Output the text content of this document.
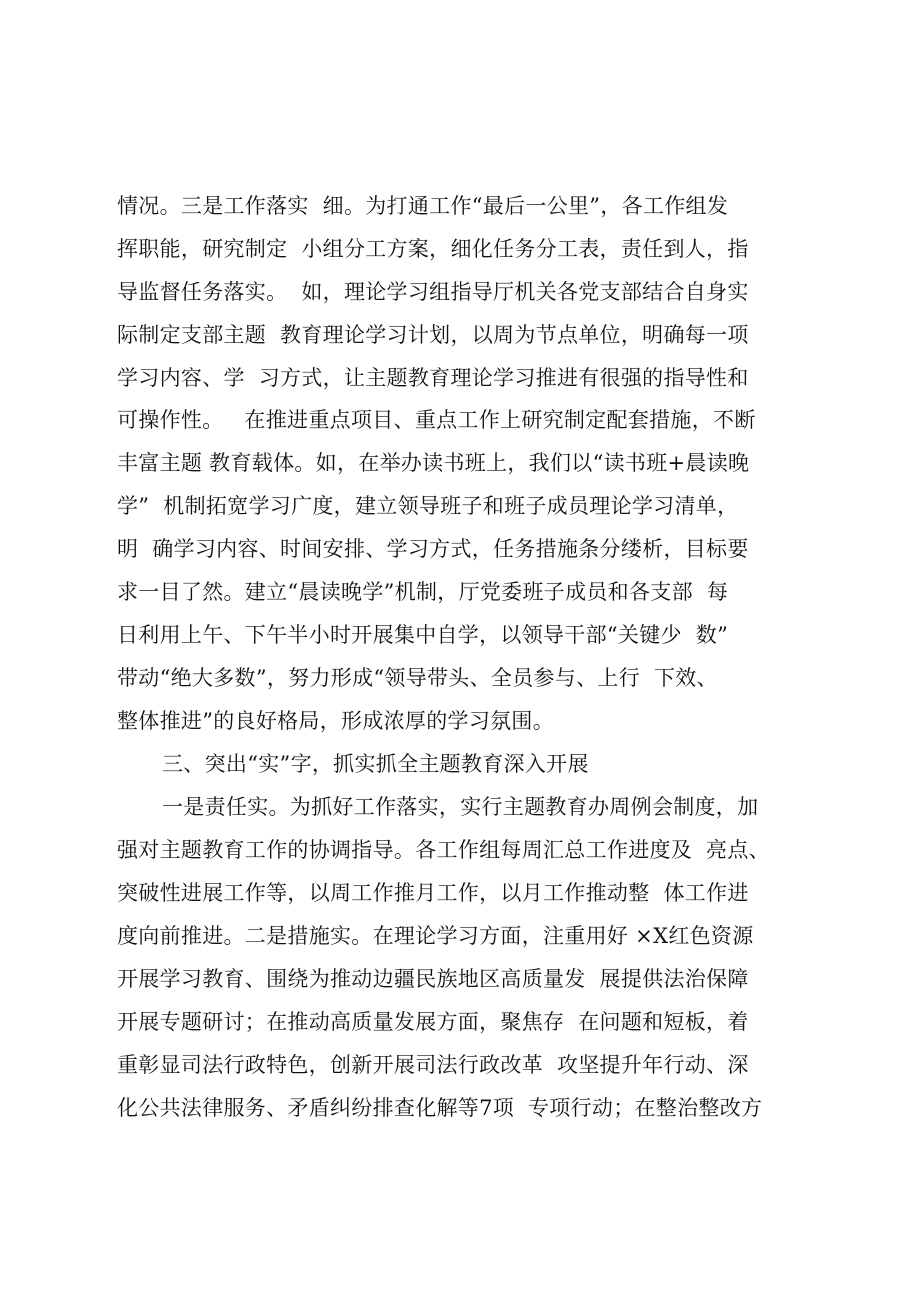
情况。三是工作落实  细。为打通工作“最后一公里”，各工作组发
挥职能，研究制定  小组分工方案，细化任务分工表，责任到人，指
导监督任务落实。  如，理论学习组指导厅机关各党支部结合自身实
际制定支部主题  教育理论学习计划，以周为节点单位，明确每一项
学习内容、学  习方式，让主题教育理论学习推进有很强的指导性和
可操作性。   在推进重点项目、重点工作上研究制定配套措施，不断
丰富主题 教育载体。如，在举办读书班上，我们以“读书班+晨读晚
学”  机制拓宽学习广度，建立领导班子和班子成员理论学习清单，
明  确学习内容、时间安排、学习方式，任务措施条分缕析，目标要
求一目了然。建立“晨读晚学”机制，厅党委班子成员和各支部  每
日利用上午、下午半小时开展集中自学，以领导干部“关键少  数”
带动“绝大多数”，努力形成“领导带头、全员参与、上行  下效、
整体推进”的良好格局，形成浓厚的学习氛围。
三、突出“实”字，抓实抓全主题教育深入开展
一是责任实。为抓好工作落实，实行主题教育办周例会制度，加
强对主题教育工作的协调指导。各工作组每周汇总工作进度及  亮点、
突破性进展工作等，以周工作推月工作，以月工作推动整  体工作进
度向前推进。二是措施实。在理论学习方面，注重用好 ×X红色资源
开展学习教育、围绕为推动边疆民族地区高质量发  展提供法治保障
开展专题研讨；在推动高质量发展方面，聚焦存  在问题和短板，着
重彰显司法行政特色，创新开展司法行政改革  攻坚提升年行动、深
化公共法律服务、矛盾纠纷排查化解等7项  专项行动；在整治整改方
